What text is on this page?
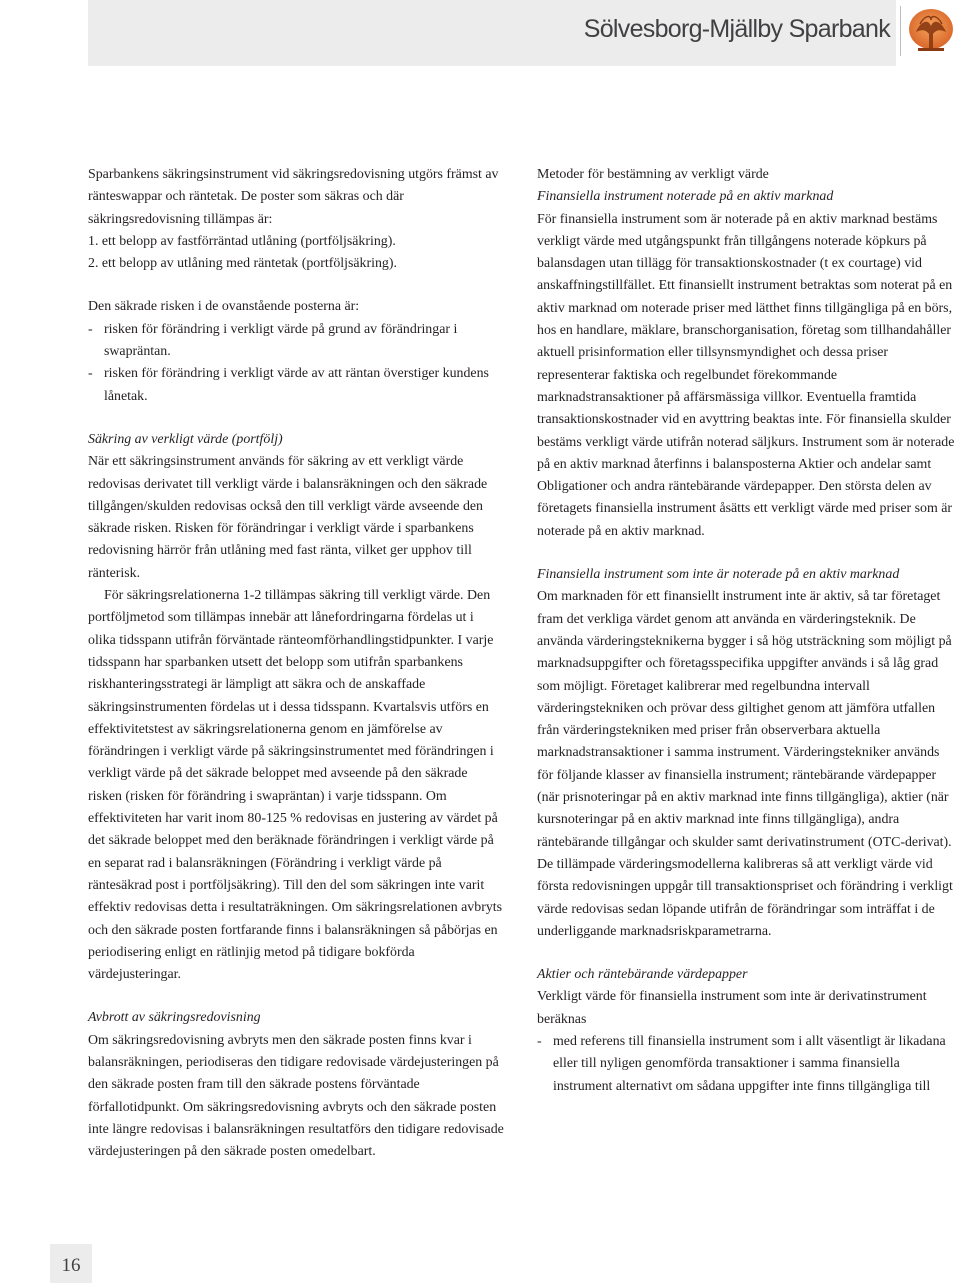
Sölvesborg-Mjällby Sparbank

Sparbankens säkringsinstrument vid säkringsredovisning utgörs främst av ränteswappar och räntetak. De poster som säkras och där säkringsredovisning tillämpas är:

1. ett belopp av fastförräntad utlåning (portföljsäkring).

2. ett belopp av utlåning med räntetak (portföljsäkring).

Den säkrade risken i de ovanstående posterna är:

- risken för förändring i verkligt värde på grund av förändringar i swapräntan.
- risken för förändring i verkligt värde av att räntan överstiger kundens lånetak.

Säkring av verkligt värde (portfölj)

När ett säkringsinstrument används för säkring av ett verkligt värde redovisas derivatet till verkligt värde i balansräkningen och den säkrade tillgången/skulden redovisas också den till verkligt värde avseende den säkrade risken. Risken för förändringar i verkligt värde i sparbankens redovisning härrör från utlåning med fast ränta, vilket ger upphov till ränterisk.

För säkringsrelationerna 1-2 tillämpas säkring till verkligt värde. Den portföljmetod som tillämpas innebär att lånefordringarna fördelas ut i olika tidsspann utifrån förväntade ränteomförhandlingstidpunkter. I varje tidsspann har sparbanken utsett det belopp som utifrån sparbankens riskhanteringsstrategi är lämpligt att säkra och de anskaffade säkringsinstrumenten fördelas ut i dessa tidsspann. Kvartalsvis utförs en effektivitetstest av säkringsrelationerna genom en jämförelse av förändringen i verkligt värde på säkringsinstrumentet med förändringen i verkligt värde på det säkrade beloppet med avseende på den säkrade risken (risken för förändring i swapräntan) i varje tidsspann. Om effektiviteten har varit inom 80-125 % redovisas en justering av värdet på det säkrade beloppet med den beräknade förändringen i verkligt värde på en separat rad i balansräkningen (Förändring i verkligt värde på räntesäkrad post i portföljsäkring). Till den del som säkringen inte varit effektiv redovisas detta i resultaträkningen. Om säkringsrelationen avbryts och den säkrade posten fortfarande finns i balansräkningen så påbörjas en periodisering enligt en rätlinjig metod på tidigare bokförda värdejusteringar.

Avbrott av säkringsredovisning

Om säkringsredovisning avbryts men den säkrade posten finns kvar i balansräkningen, periodiseras den tidigare redovisade värdejusteringen på den säkrade posten fram till den säkrade postens förväntade förfallotidpunkt. Om säkringsredovisning avbryts och den säkrade posten inte längre redovisas i balansräkningen resultatförs den tidigare redovisade värdejusteringen på den säkrade posten omedelbart.

Metoder för bestämning av verkligt värde

Finansiella instrument noterade på en aktiv marknad

För finansiella instrument som är noterade på en aktiv marknad bestäms verkligt värde med utgångspunkt från tillgångens noterade köpkurs på balansdagen utan tillägg för transaktionskostnader (t ex courtage) vid anskaffningstillfället. Ett finansiellt instrument betraktas som noterat på en aktiv marknad om noterade priser med lätthet finns tillgängliga på en börs, hos en handlare, mäklare, branschorganisation, företag som tillhandahåller aktuell prisinformation eller tillsynsmyndighet och dessa priser representerar faktiska och regelbundet förekommande marknadstransaktioner på affärsmässiga villkor. Eventuella framtida transaktionskostnader vid en avyttring beaktas inte. För finansiella skulder bestäms verkligt värde utifrån noterad säljkurs. Instrument som är noterade på en aktiv marknad återfinns i balansposterna Aktier och andelar samt Obligationer och andra räntebärande värdepapper. Den största delen av företagets finansiella instrument åsätts ett verkligt värde med priser som är noterade på en aktiv marknad.

Finansiella instrument som inte är noterade på en aktiv marknad

Om marknaden för ett finansiellt instrument inte är aktiv, så tar företaget fram det verkliga värdet genom att använda en värderingsteknik. De använda värderingsteknikerna bygger i så hög utsträckning som möjligt på marknadsuppgifter och företagsspecifika uppgifter används i så låg grad som möjligt. Företaget kalibrerar med regelbundna intervall värderingstekniken och prövar dess giltighet genom att jämföra utfallen från värderingstekniken med priser från observerbara aktuella marknadstransaktioner i samma instrument. Värderingstekniker används för följande klasser av finansiella instrument; räntebärande värdepapper (när prisnoteringar på en aktiv marknad inte finns tillgängliga), aktier (när kursnoteringar på en aktiv marknad inte finns tillgängliga), andra räntebärande tillgångar och skulder samt derivatinstrument (OTC-derivat).

De tillämpade värderingsmodellerna kalibreras så att verkligt värde vid första redovisningen uppgår till transaktionspriset och förändring i verkligt värde redovisas sedan löpande utifrån de förändringar som inträffat i de underliggande marknadsriskparametrarna.

Aktier och räntebärande värdepapper

Verkligt värde för finansiella instrument som inte är derivatinstrument beräknas

- med referens till finansiella instrument som i allt väsentligt är likadana eller till nyligen genomförda transaktioner i samma finansiella instrument alternativt om sådana uppgifter inte finns tillgängliga till
16
